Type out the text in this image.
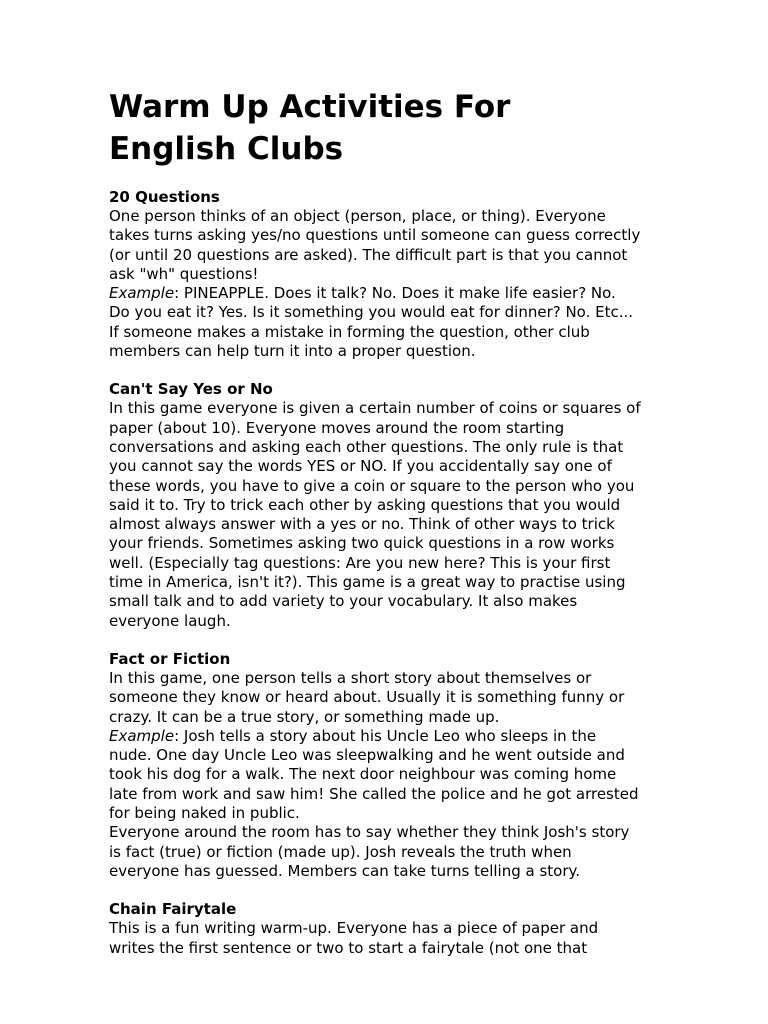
Warm Up Activities For
English Clubs

20 Questions

One person thinks of an object (person, place, or thing). Everyone
takes turns asking yes/no questions until someone can guess correctly
(or until 20 questions are asked). The difficult part is that you cannot
ask "wh" questions!

Example: PINEAPPLE. Does it talk? No. Does it make life easier? No.
Do you eat it? Yes. Is it something you would eat for dinner? No. Etc...
If someone makes a mistake in forming the question, other club
members can help turn it into a proper question.

Can't Say Yes or No

In this game everyone is given a certain number of coins or squares of
paper (about 10). Everyone moves around the room starting
conversations and asking each other questions. The only rule is that
you cannot say the words YES or NO. If you accidentally say one of
these words, you have to give a coin or square to the person who you
said it to. Try to trick each other by asking questions that you would
almost always answer with a yes or no. Think of other ways to trick
your friends. Sometimes asking two quick questions in a row works
well. (Especially tag questions: Are you new here? This is your first
time in America, isn't it?). This game is a great way to practise using
small talk and to add variety to your vocabulary. It also makes
everyone laugh.

Fact or Fiction

In this game, one person tells a short story about themselves or
someone they know or heard about. Usually it is something funny or
crazy. It can be a true story, or something made up.

Example: Josh tells a story about his Uncle Leo who sleeps in the
nude. One day Uncle Leo was sleepwalking and he went outside and
took his dog for a walk. The next door neighbour was coming home
late from work and saw him! She called the police and he got arrested
for being naked in public.

Everyone around the room has to say whether they think Josh's story
is fact (true) or fiction (made up). Josh reveals the truth when
everyone has guessed. Members can take turns telling a story.

Chain Fairytale

This is a fun writing warm-up. Everyone has a piece of paper and
writes the first sentence or two to start a fairytale (not one that
